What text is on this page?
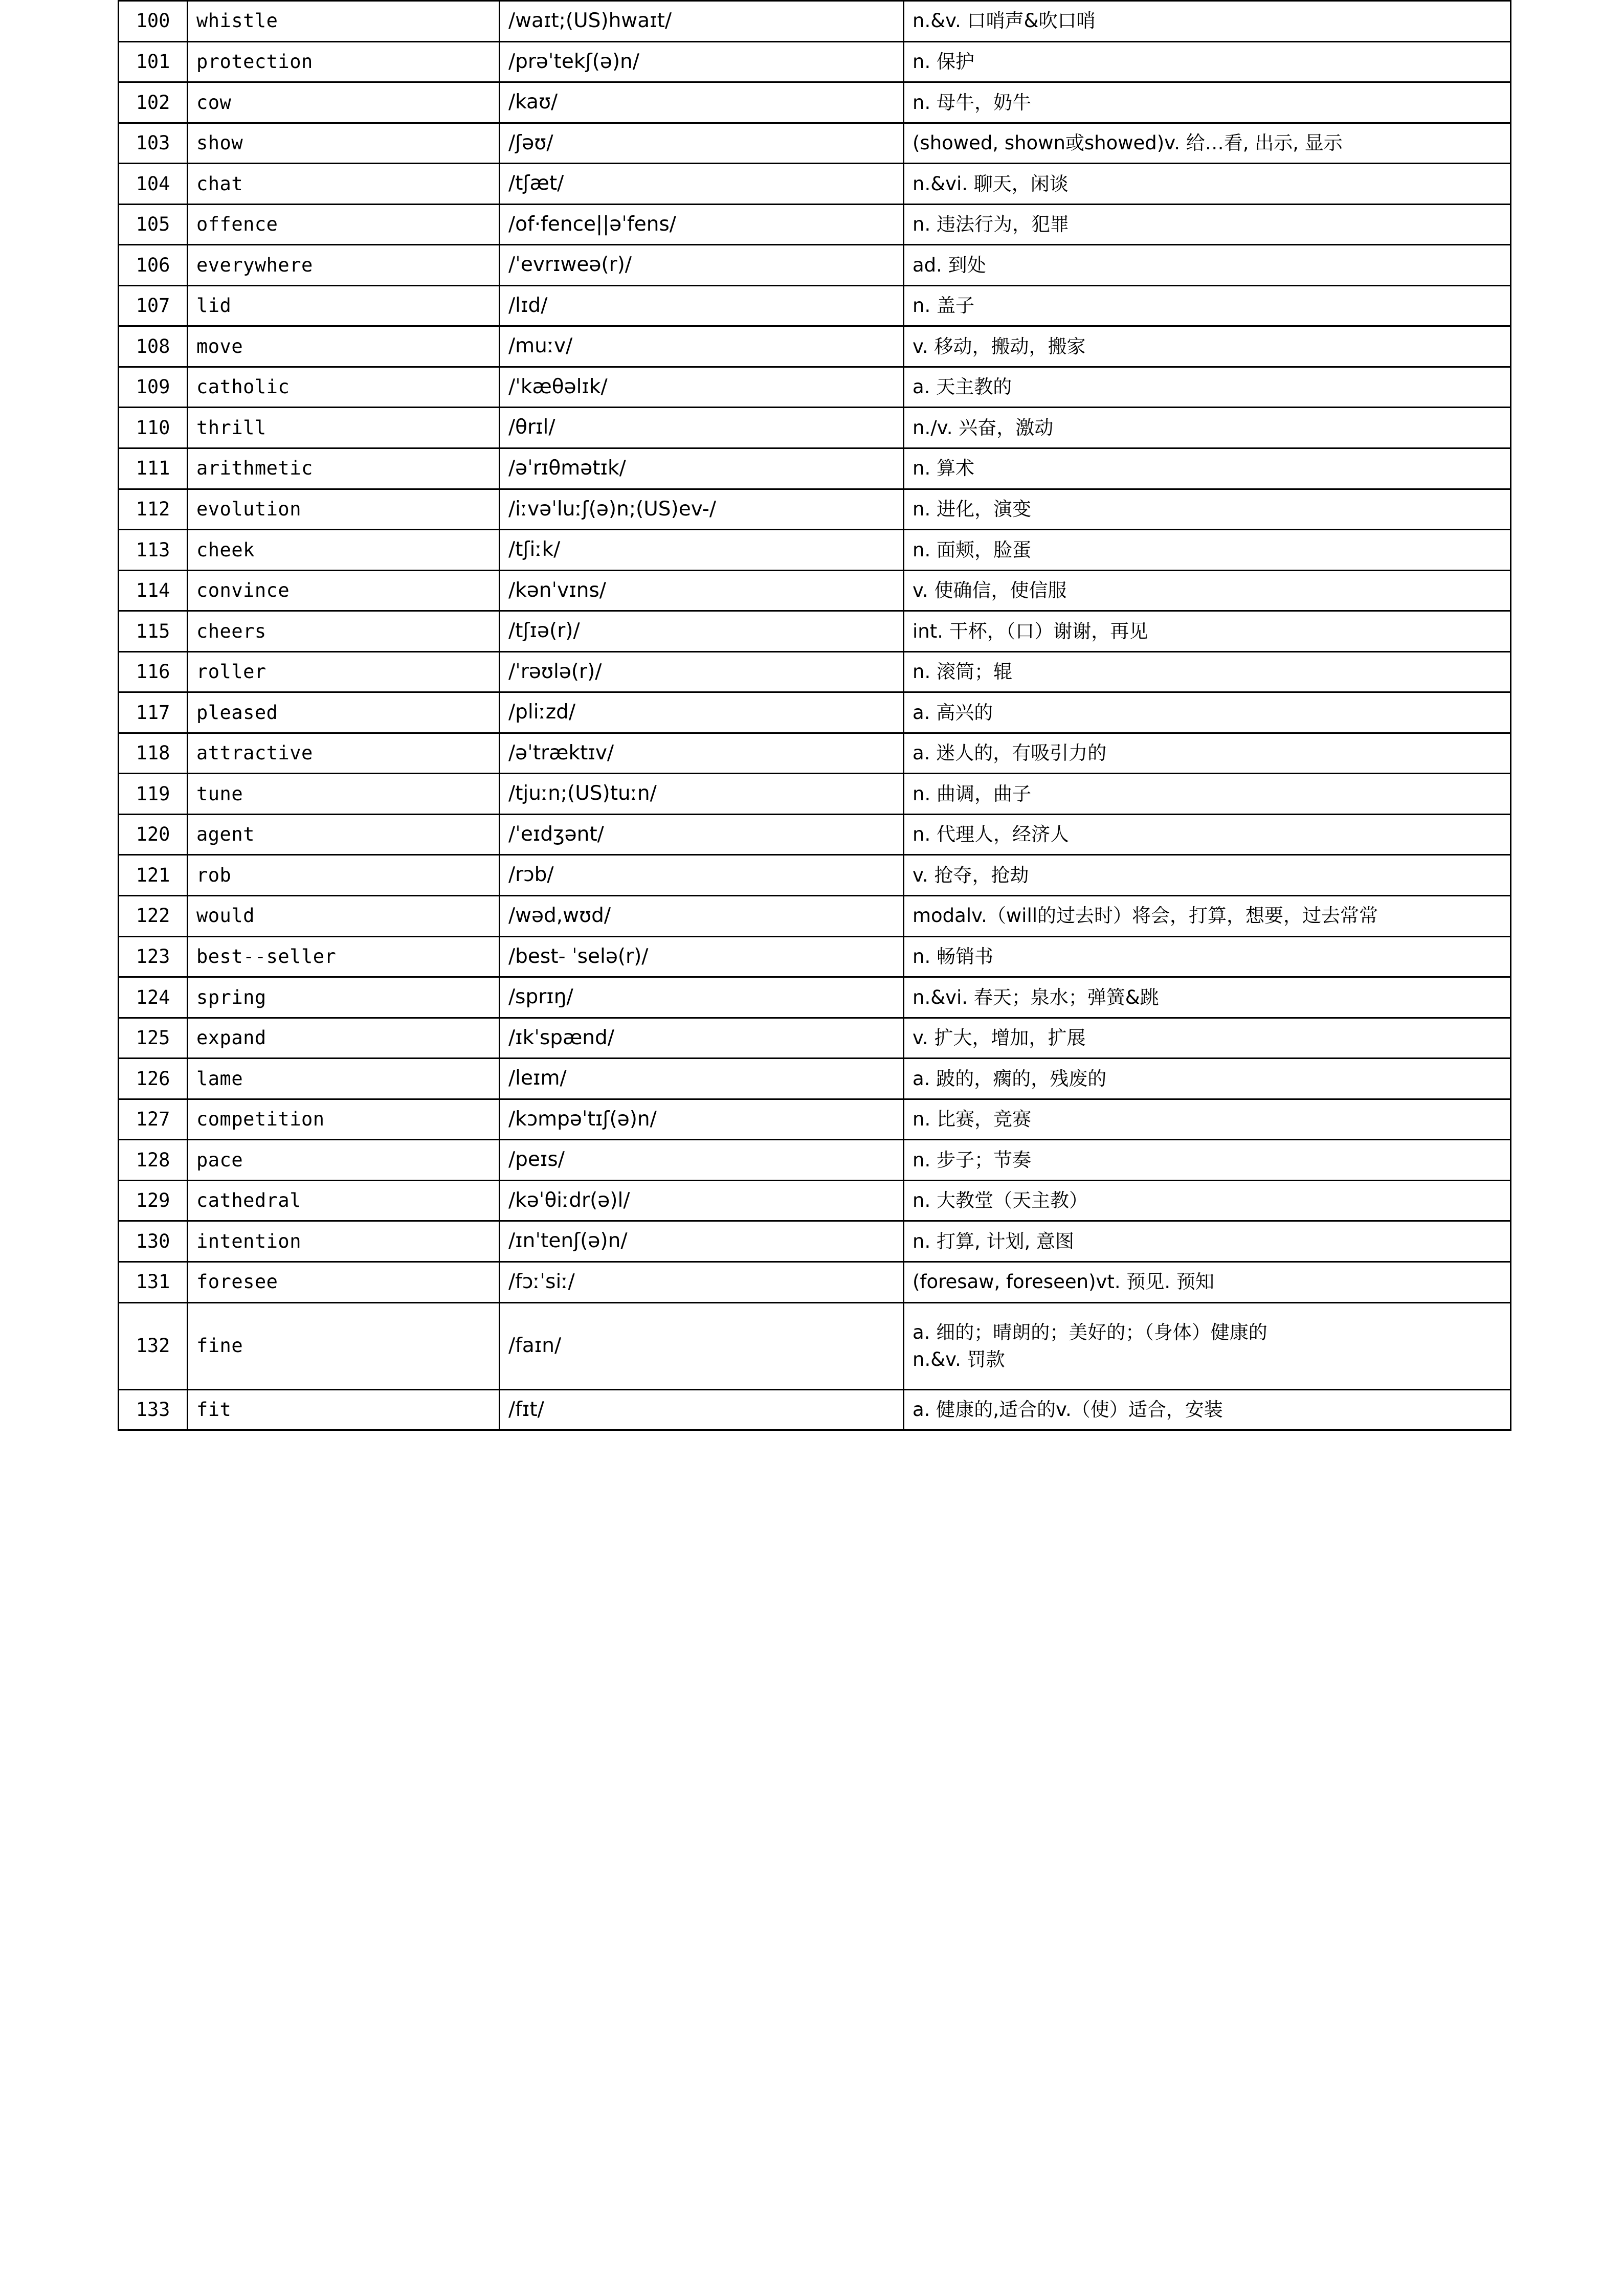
100	whistle	/waɪt;(US)hwaɪt/	n.&v. 口哨声&吹口哨
101	protection	/prəˈtekʃ(ə)n/	n. 保护
102	cow	/kaʊ/	n. 母牛，奶牛
103	show	/ʃəʊ/	(showed, shown或showed)v. 给…看, 出示, 显示
104	chat	/tʃæt/	n.&vi. 聊天，闲谈
105	offence	/of·fence||əˈfens/	n. 违法行为，犯罪
106	everywhere	/ˈevrɪweə(r)/	ad. 到处
107	lid	/lɪd/	n. 盖子
108	move	/muːv/	v. 移动，搬动，搬家
109	catholic	/ˈkæθəlɪk/	a. 天主教的
110	thrill	/θrɪl/	n./v. 兴奋，激动
111	arithmetic	/əˈrɪθmətɪk/	n. 算术
112	evolution	/iːvəˈluːʃ(ə)n;(US)ev-/	n. 进化，演变
113	cheek	/tʃiːk/	n. 面颊，脸蛋
114	convince	/kənˈvɪns/	v. 使确信，使信服
115	cheers	/tʃɪə(r)/	int. 干杯，（口）谢谢，再见
116	roller	/ˈrəʊlə(r)/	n. 滚筒；辊
117	pleased	/pliːzd/	a. 高兴的
118	attractive	/əˈtræktɪv/	a. 迷人的，有吸引力的
119	tune	/tjuːn;(US)tuːn/	n. 曲调，曲子
120	agent	/ˈeɪdʒənt/	n. 代理人，经济人
121	rob	/rɔb/	v. 抢夺，抢劫
122	would	/wəd,wʊd/	modalv.（will的过去时）将会，打算，想要，过去常常
123	best--seller	/best- ˈselə(r)/	n. 畅销书
124	spring	/sprɪŋ/	n.&vi. 春天；泉水；弹簧&跳
125	expand	/ɪkˈspænd/	v. 扩大，增加，扩展
126	lame	/leɪm/	a. 跛的，瘸的，残废的
127	competition	/kɔmpəˈtɪʃ(ə)n/	n. 比赛，竞赛
128	pace	/peɪs/	n. 步子；节奏
129	cathedral	/kəˈθiːdr(ə)l/	n. 大教堂（天主教）
130	intention	/ɪnˈtenʃ(ə)n/	n. 打算, 计划, 意图
131	foresee	/fɔːˈsiː/	(foresaw, foreseen)vt. 预见. 预知
132	fine	/faɪn/	a. 细的；晴朗的；美好的；（身体）健康的
n.&v. 罚款

133	fit	/fɪt/	a. 健康的,适合的v.（使）适合，安装
